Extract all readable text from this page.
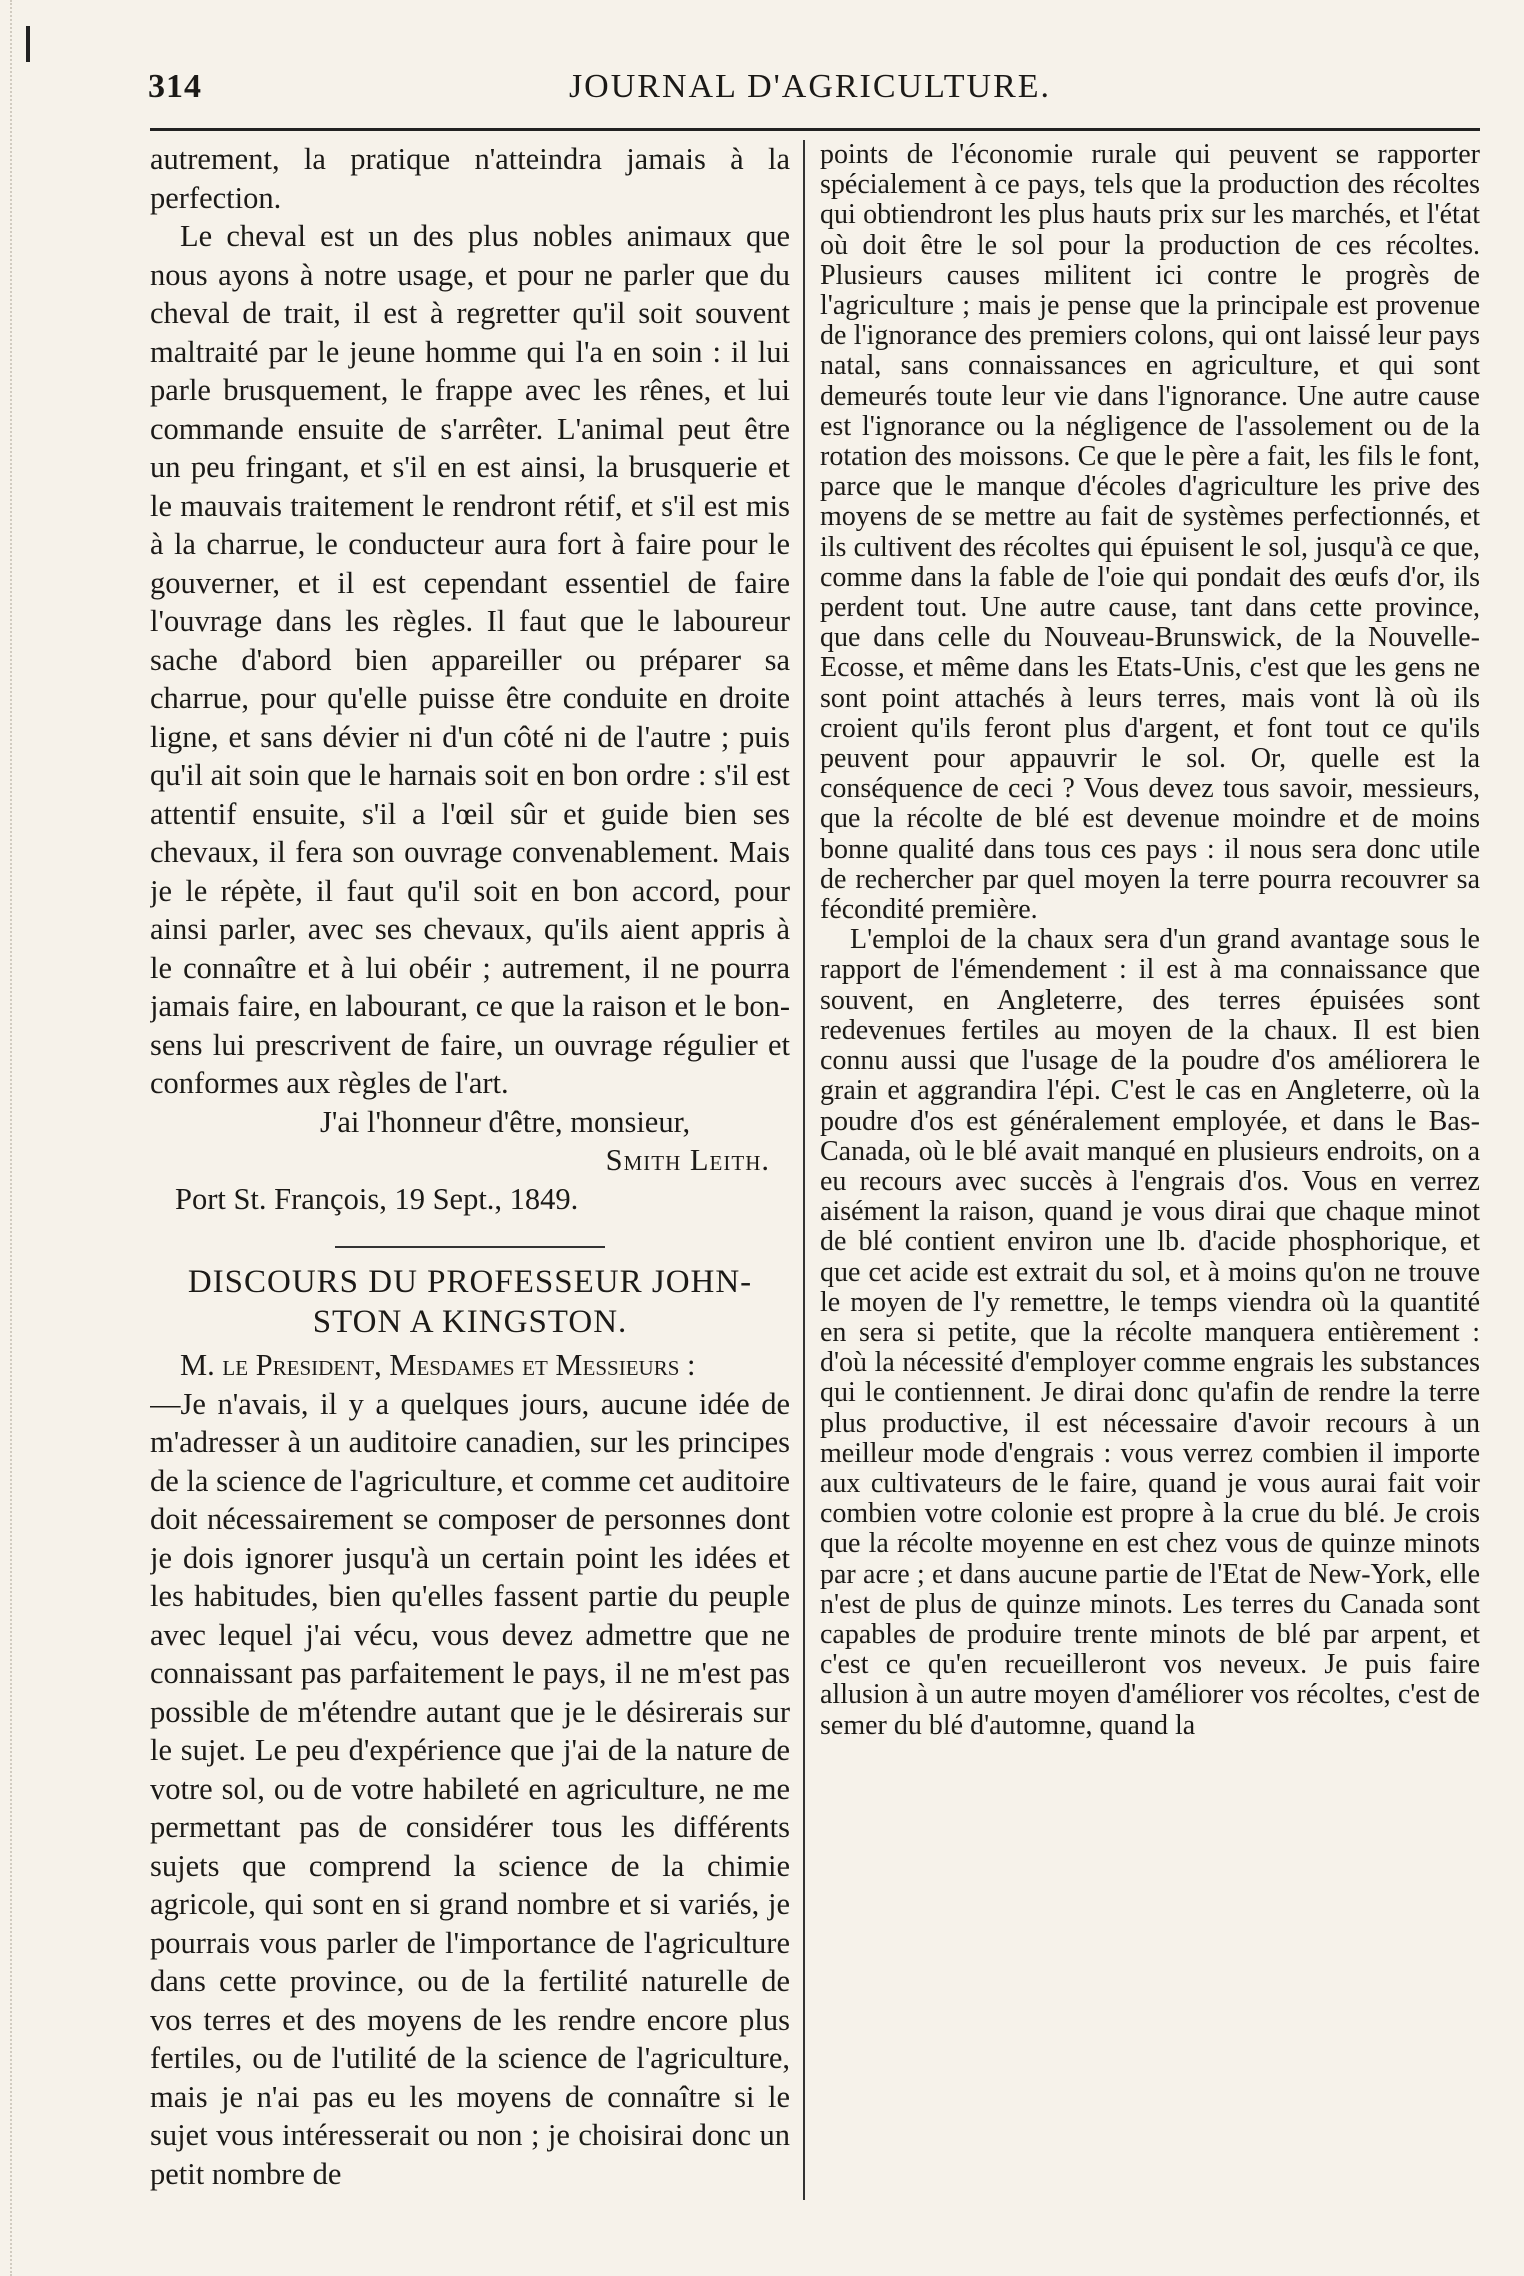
314	JOURNAL D'AGRICULTURE.

autrement, la pratique n'atteindra jamais à la perfection.

Le cheval est un des plus nobles animaux que nous ayons à notre usage, et pour ne parler que du cheval de trait, il est à regretter qu'il soit souvent maltraité par le jeune homme qui l'a en soin : il lui parle brusquement, le frappe avec les rênes, et lui commande ensuite de s'arrêter. L'animal peut être un peu fringant, et s'il en est ainsi, la brusquerie et le mauvais traitement le rendront rétif, et s'il est mis à la charrue, le conducteur aura fort à faire pour le gouverner, et il est cependant essentiel de faire l'ouvrage dans les règles. Il faut que le laboureur sache d'abord bien appareiller ou préparer sa charrue, pour qu'elle puisse être conduite en droite ligne, et sans dévier ni d'un côté ni de l'autre ; puis qu'il ait soin que le harnais soit en bon ordre : s'il est attentif ensuite, s'il a l'œil sûr et guide bien ses chevaux, il fera son ouvrage convenablement. Mais je le répète, il faut qu'il soit en bon accord, pour ainsi parler, avec ses chevaux, qu'ils aient appris à le connaître et à lui obéir ; autrement, il ne pourra jamais faire, en labourant, ce que la raison et le bon-sens lui prescrivent de faire, un ouvrage régulier et conformes aux règles de l'art.

J'ai l'honneur d'être, monsieur,

Smith Leith.

Port St. François, 19 Sept., 1849.

DISCOURS DU PROFESSEUR JOHN-
STON A KINGSTON.

M. le President, Mesdames et Messieurs :

—Je n'avais, il y a quelques jours, aucune idée de m'adresser à un auditoire canadien, sur les principes de la science de l'agriculture, et comme cet auditoire doit nécessairement se composer de personnes dont je dois ignorer jusqu'à un certain point les idées et les habitudes, bien qu'elles fassent partie du peuple avec lequel j'ai vécu, vous devez admettre que ne connaissant pas parfaitement le pays, il ne m'est pas possible de m'étendre autant que je le désirerais sur le sujet. Le peu d'expérience que j'ai de la nature de votre sol, ou de votre habileté en agriculture, ne me permettant pas de considérer tous les différents sujets que comprend la science de la chimie agricole, qui sont en si grand nombre et si variés, je pourrais vous parler de l'importance de l'agriculture dans cette province, ou de la fertilité naturelle de vos terres et des moyens de les rendre encore plus fertiles, ou de l'utilité de la science de l'agriculture, mais je n'ai pas eu les moyens de connaître si le sujet vous intéresserait ou non ; je choisirai donc un petit nombre de

points de l'économie rurale qui peuvent se rapporter spécialement à ce pays, tels que la production des récoltes qui obtiendront les plus hauts prix sur les marchés, et l'état où doit être le sol pour la production de ces récoltes. Plusieurs causes militent ici contre le progrès de l'agriculture ; mais je pense que la principale est provenue de l'ignorance des premiers colons, qui ont laissé leur pays natal, sans connaissances en agriculture, et qui sont demeurés toute leur vie dans l'ignorance. Une autre cause est l'ignorance ou la négligence de l'assolement ou de la rotation des moissons. Ce que le père a fait, les fils le font, parce que le manque d'écoles d'agriculture les prive des moyens de se mettre au fait de systèmes perfectionnés, et ils cultivent des récoltes qui épuisent le sol, jusqu'à ce que, comme dans la fable de l'oie qui pondait des œufs d'or, ils perdent tout. Une autre cause, tant dans cette province, que dans celle du Nouveau-Brunswick, de la Nouvelle-Ecosse, et même dans les Etats-Unis, c'est que les gens ne sont point attachés à leurs terres, mais vont là où ils croient qu'ils feront plus d'argent, et font tout ce qu'ils peuvent pour appauvrir le sol. Or, quelle est la conséquence de ceci ? Vous devez tous savoir, messieurs, que la récolte de blé est devenue moindre et de moins bonne qualité dans tous ces pays : il nous sera donc utile de rechercher par quel moyen la terre pourra recouvrer sa fécondité première.

L'emploi de la chaux sera d'un grand avantage sous le rapport de l'émendement : il est à ma connaissance que souvent, en Angleterre, des terres épuisées sont redevenues fertiles au moyen de la chaux. Il est bien connu aussi que l'usage de la poudre d'os améliorera le grain et aggrandira l'épi. C'est le cas en Angleterre, où la poudre d'os est généralement employée, et dans le Bas-Canada, où le blé avait manqué en plusieurs endroits, on a eu recours avec succès à l'engrais d'os. Vous en verrez aisément la raison, quand je vous dirai que chaque minot de blé contient environ une lb. d'acide phosphorique, et que cet acide est extrait du sol, et à moins qu'on ne trouve le moyen de l'y remettre, le temps viendra où la quantité en sera si petite, que la récolte manquera entièrement : d'où la nécessité d'employer comme engrais les substances qui le contiennent. Je dirai donc qu'afin de rendre la terre plus productive, il est nécessaire d'avoir recours à un meilleur mode d'engrais : vous verrez combien il importe aux cultivateurs de le faire, quand je vous aurai fait voir combien votre colonie est propre à la crue du blé. Je crois que la récolte moyenne en est chez vous de quinze minots par acre ; et dans aucune partie de l'Etat de New-York, elle n'est de plus de quinze minots. Les terres du Canada sont capables de produire trente minots de blé par arpent, et c'est ce qu'en recueilleront vos neveux. Je puis faire allusion à un autre moyen d'améliorer vos récoltes, c'est de semer du blé d'automne, quand la
